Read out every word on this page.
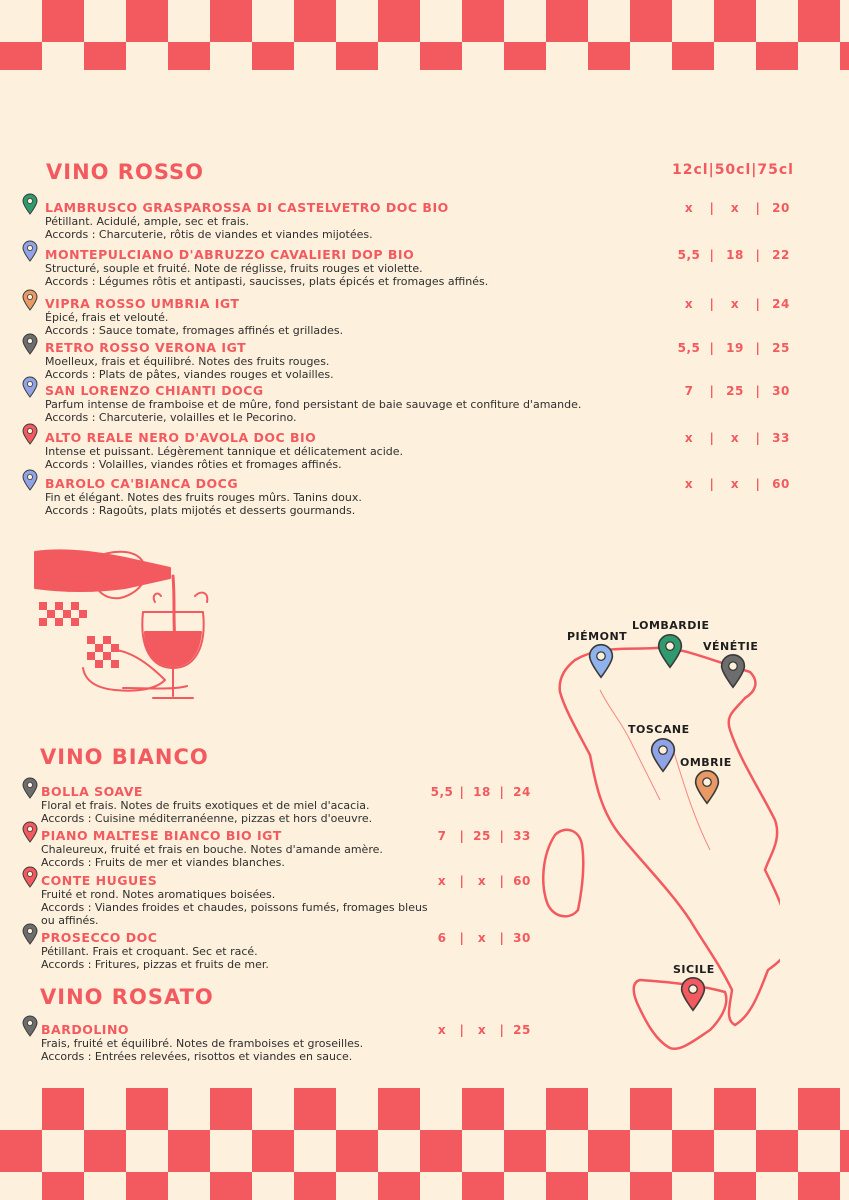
VINO ROSSO	12cl|50cl|75cl
LAMBRUSCO GRASPAROSSA DI CASTELVETRO DOC BIO
Pétillant. Acidulé, ample, sec et frais.
Accords : Charcuterie, rôtis de viandes et viandes mijotées.
x	|	x	| 20
MONTEPULCIANO D'ABRUZZO CAVALIERI DOP BIO
Structuré, souple et fruité. Note de réglisse, fruits rouges et violette.
Accords : Légumes rôtis et antipasti, saucisses, plats épicés et fromages affinés.
5,5 | 18 | 22
VIPRA ROSSO UMBRIA IGT
Épicé, frais et velouté.
Accords : Sauce tomate, fromages affinés et grillades.
x	|	x	| 24
RETRO ROSSO VERONA IGT
Moelleux, frais et équilibré. Notes des fruits rouges.
Accords : Plats de pâtes, viandes rouges et volailles.
5,5 | 19 | 25
SAN LORENZO CHIANTI DOCG
Parfum intense de framboise et de mûre, fond persistant de baie sauvage et confiture d'amande.
Accords : Charcuterie, volailles et le Pecorino.
7	| 25 | 30
ALTO REALE NERO D'AVOLA DOC BIO
Intense et puissant. Légèrement tannique et délicatement acide.
Accords : Volailles, viandes rôties et fromages affinés.
x	|	x	| 33
BAROLO CA'BIANCA DOCG
Fin et élégant. Notes des fruits rouges mûrs. Tanins doux.
Accords : Ragoûts, plats mijotés et desserts gourmands.
x	|	x	| 60
VINO BIANCO
BOLLA SOAVE
Floral et frais. Notes de fruits exotiques et de miel d'acacia.
Accords : Cuisine méditerranéenne, pizzas et hors d'oeuvre.
5,5 | 18 | 24
PIANO MALTESE BIANCO BIO IGT
Chaleureux, fruité et frais en bouche. Notes d'amande amère.
Accords : Fruits de mer et viandes blanches.
7	| 25 | 33
CONTE HUGUES
Fruité et rond. Notes aromatiques boisées.
Accords : Viandes froides et chaudes, poissons fumés, fromages bleus ou affinés.
x	|	x	| 60
PROSECCO DOC
Pétillant. Frais et croquant. Sec et racé.
Accords : Fritures, pizzas et fruits de mer.
6	|	x	| 30
VINO ROSATO
BARDOLINO
Frais, fruité et équilibré. Notes de framboises et groseilles.
Accords : Entrées relevées, risottos et viandes en sauce.
x	|	x	| 25
PIÉMONT
LOMBARDIE
VÉNÉTIE
TOSCANE
OMBRIE
SICILE
